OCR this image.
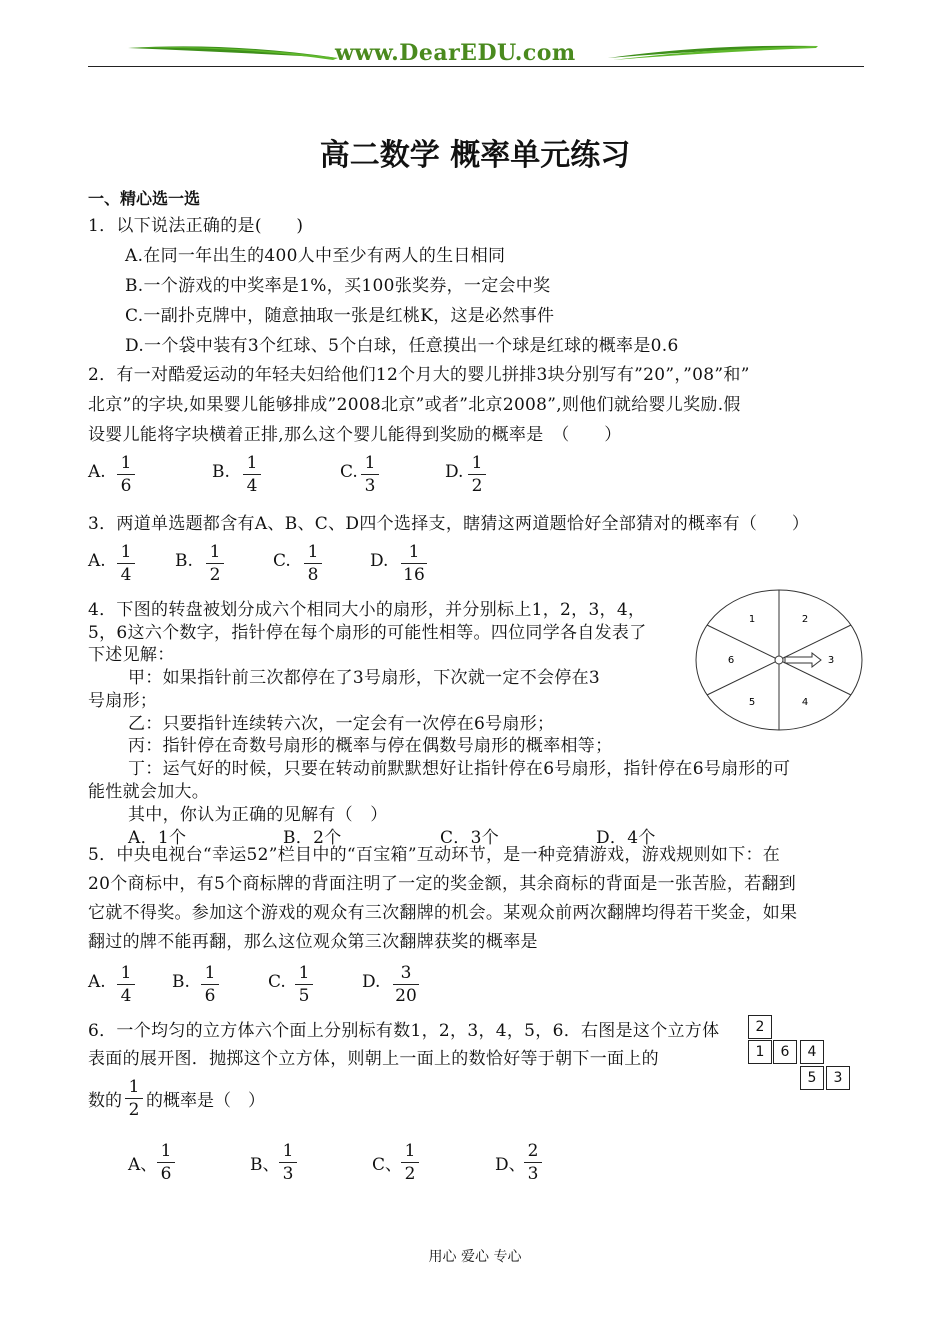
www.DearEDU.com
高二数学 概率单元练习
一、精心选一选
1．以下说法正确的是(　　)
A.在同一年出生的400人中至少有两人的生日相同
B.一个游戏的中奖率是1%，买100张奖券，一定会中奖
C.一副扑克牌中，随意抽取一张是红桃K，这是必然事件
D.一个袋中装有3个红球、5个白球，任意摸出一个球是红球的概率是0.6
2．有一对酷爱运动的年轻夫妇给他们12个月大的婴儿拼排3块分别写有”20”，”08”和”
北京”的字块,如果婴儿能够排成”2008北京”或者”北京2008”,则他们就给婴儿奖励.假
设婴儿能将字块横着正排,那么这个婴儿能得到奖励的概率是　（　　）
A. 1
6
B. 1
4
C. 1
3
D. 1
2
3．两道单选题都含有A、B、C、D四个选择支，瞎猜这两道题恰好全部猜对的概率有（　　）
A. 1
4
B. 1
2
C. 1
8
D.	1
16
4．下图的转盘被划分成六个相同大小的扇形，并分别标上1，2，3，4，
5，6这六个数字，指针停在每个扇形的可能性相等。四位同学各自发表了
下述见解：
甲：如果指针前三次都停在了3号扇形，下次就一定不会停在3
号扇形；
乙：只要指针连续转六次，一定会有一次停在6号扇形；
丙：指针停在奇数号扇形的概率与停在偶数号扇形的概率相等；
丁：运气好的时候，只要在转动前默默想好让指针停在6号扇形，指针停在6号扇形的可
能性就会加大。
其中，你认为正确的见解有（　）
A．1个	B．2个	C．3个	D．4个
1	2
3
4
5
6
5．中央电视台“幸运52”栏目中的“百宝箱”互动环节，是一种竞猜游戏，游戏规则如下：在
20个商标中，有5个商标牌的背面注明了一定的奖金额，其余商标的背面是一张苦脸，若翻到
它就不得奖。参加这个游戏的观众有三次翻牌的机会。某观众前两次翻牌均得若干奖金，如果
翻过的牌不能再翻，那么这位观众第三次翻牌获奖的概率是
A. 1
4
B. 1
6
C. 1
5
D.	3
20
6．一个均匀的立方体六个面上分别标有数1，2，3，4，5，6．右图是这个立方体
表面的展开图．抛掷这个立方体，则朝上一面上的数恰好等于朝下一面上的
数的
1
2 的概率是（　）
2
1	6	4
5	3
A、
1
6	B、
1
3	C、
1
2	D、
2
3
用心 爱心 专心
